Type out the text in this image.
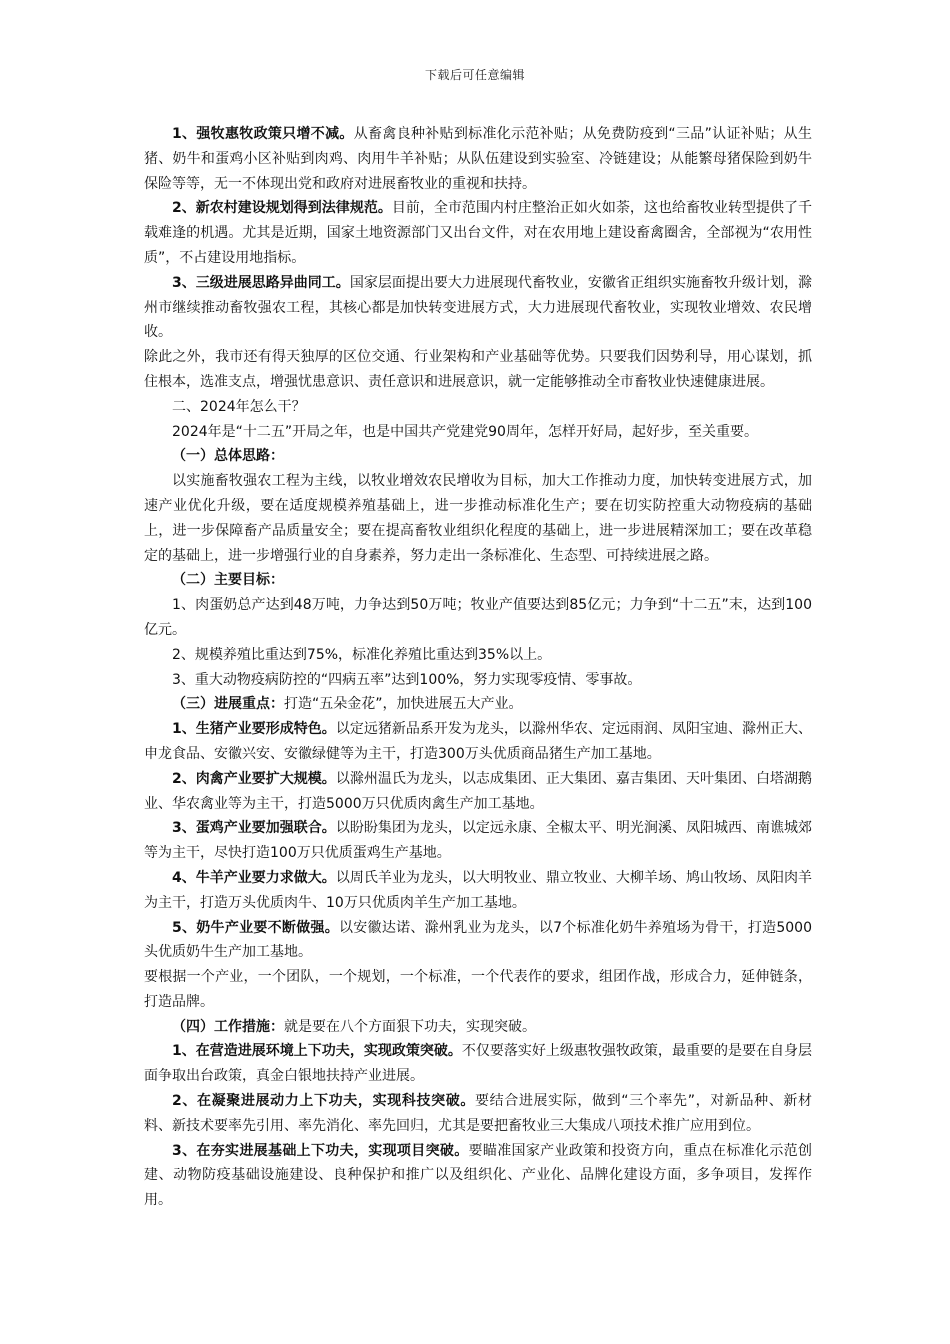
下载后可任意编辑

1、强牧惠牧政策只增不减。从畜禽良种补贴到标准化示范补贴；从免费防疫到“三品”认证补贴；从生猪、奶牛和蛋鸡小区补贴到肉鸡、肉用牛羊补贴；从队伍建设到实验室、冷链建设；从能繁母猪保险到奶牛保险等等，无一不体现出党和政府对进展畜牧业的重视和扶持。

2、新农村建设规划得到法律规范。目前，全市范围内村庄整治正如火如荼，这也给畜牧业转型提供了千载难逢的机遇。尤其是近期，国家土地资源部门又出台文件，对在农用地上建设畜禽圈舍，全部视为“农用性质”，不占建设用地指标。

3、三级进展思路异曲同工。国家层面提出要大力进展现代畜牧业，安徽省正组织实施畜牧升级计划，滁州市继续推动畜牧强农工程，其核心都是加快转变进展方式，大力进展现代畜牧业，实现牧业增效、农民增收。

除此之外，我市还有得天独厚的区位交通、行业架构和产业基础等优势。只要我们因势利导，用心谋划，抓住根本，选准支点，增强忧患意识、责任意识和进展意识，就一定能够推动全市畜牧业快速健康进展。

二、2024年怎么干？

2024年是“十二五”开局之年，也是中国共产党建党90周年，怎样开好局，起好步，至关重要。

（一）总体思路：

以实施畜牧强农工程为主线，以牧业增效农民增收为目标，加大工作推动力度，加快转变进展方式，加速产业优化升级，要在适度规模养殖基础上，进一步推动标准化生产；要在切实防控重大动物疫病的基础上，进一步保障畜产品质量安全；要在提高畜牧业组织化程度的基础上，进一步进展精深加工；要在改革稳定的基础上，进一步增强行业的自身素养，努力走出一条标准化、生态型、可持续进展之路。

（二）主要目标：

1、肉蛋奶总产达到48万吨，力争达到50万吨；牧业产值要达到85亿元；力争到“十二五”末，达到100亿元。

2、规模养殖比重达到75%，标准化养殖比重达到35%以上。

3、重大动物疫病防控的“四病五率”达到100%，努力实现零疫情、零事故。

（三）进展重点：打造“五朵金花”，加快进展五大产业。

1、生猪产业要形成特色。以定远猪新品系开发为龙头，以滁州华农、定远雨润、凤阳宝迪、滁州正大、申龙食品、安徽兴安、安徽绿健等为主干，打造300万头优质商品猪生产加工基地。

2、肉禽产业要扩大规模。以滁州温氏为龙头，以志成集团、正大集团、嘉吉集团、天叶集团、白塔湖鹅业、华农禽业等为主干，打造5000万只优质肉禽生产加工基地。

3、蛋鸡产业要加强联合。以盼盼集团为龙头，以定远永康、全椒太平、明光涧溪、凤阳城西、南谯城郊等为主干，尽快打造100万只优质蛋鸡生产基地。

4、牛羊产业要力求做大。以周氏羊业为龙头，以大明牧业、鼎立牧业、大柳羊场、鸠山牧场、凤阳肉羊为主干，打造万头优质肉牛、10万只优质肉羊生产加工基地。

5、奶牛产业要不断做强。以安徽达诺、滁州乳业为龙头，以7个标准化奶牛养殖场为骨干，打造5000头优质奶牛生产加工基地。

要根据一个产业，一个团队，一个规划，一个标准，一个代表作的要求，组团作战，形成合力，延伸链条，打造品牌。

（四）工作措施：就是要在八个方面狠下功夫，实现突破。

1、在营造进展环境上下功夫，实现政策突破。不仅要落实好上级惠牧强牧政策，最重要的是要在自身层面争取出台政策，真金白银地扶持产业进展。

2、在凝聚进展动力上下功夫，实现科技突破。要结合进展实际，做到“三个率先”，对新品种、新材料、新技术要率先引用、率先消化、率先回归，尤其是要把畜牧业三大集成八项技术推广应用到位。

3、在夯实进展基础上下功夫，实现项目突破。要瞄准国家产业政策和投资方向，重点在标准化示范创建、动物防疫基础设施建设、良种保护和推广以及组织化、产业化、品牌化建设方面，多争项目，发挥作用。
